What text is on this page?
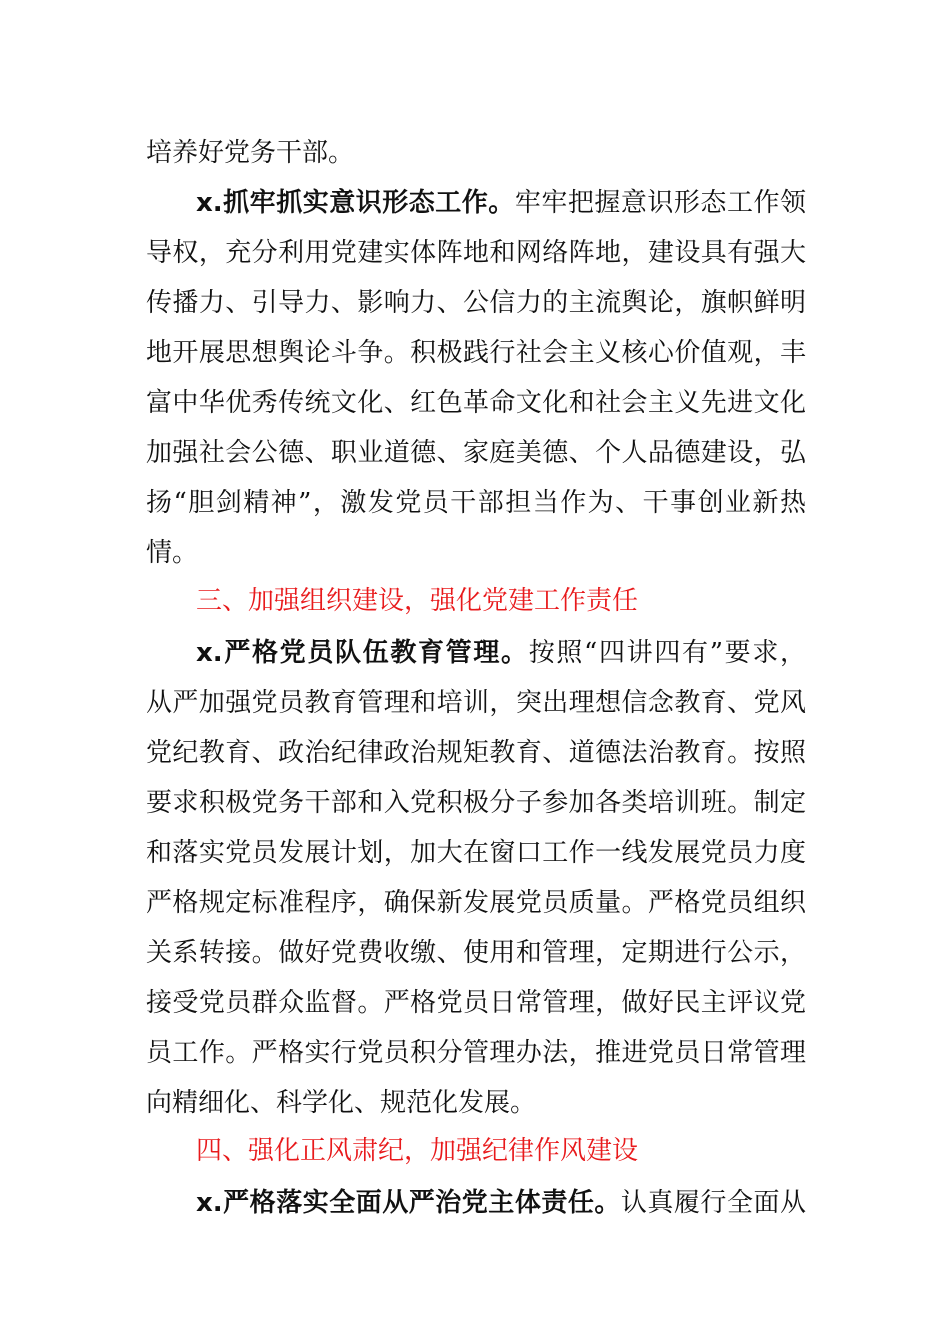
培养好党务干部。
x.抓牢抓实意识形态工作。牢牢把握意识形态工作领
导权，充分利用党建实体阵地和网络阵地，建设具有强大
传播力、引导力、影响力、公信力的主流舆论，旗帜鲜明
地开展思想舆论斗争。积极践行社会主义核心价值观，丰
富中华优秀传统文化、红色革命文化和社会主义先进文化
加强社会公德、职业道德、家庭美德、个人品德建设，弘
扬“胆剑精神”，激发党员干部担当作为、干事创业新热
情。
三、加强组织建设，强化党建工作责任
x.严格党员队伍教育管理。按照“四讲四有”要求，
从严加强党员教育管理和培训，突出理想信念教育、党风
党纪教育、政治纪律政治规矩教育、道德法治教育。按照
要求积极党务干部和入党积极分子参加各类培训班。制定
和落实党员发展计划，加大在窗口工作一线发展党员力度
严格规定标准程序，确保新发展党员质量。严格党员组织
关系转接。做好党费收缴、使用和管理，定期进行公示，
接受党员群众监督。严格党员日常管理，做好民主评议党
员工作。严格实行党员积分管理办法，推进党员日常管理
向精细化、科学化、规范化发展。
四、强化正风肃纪，加强纪律作风建设
x.严格落实全面从严治党主体责任。认真履行全面从
